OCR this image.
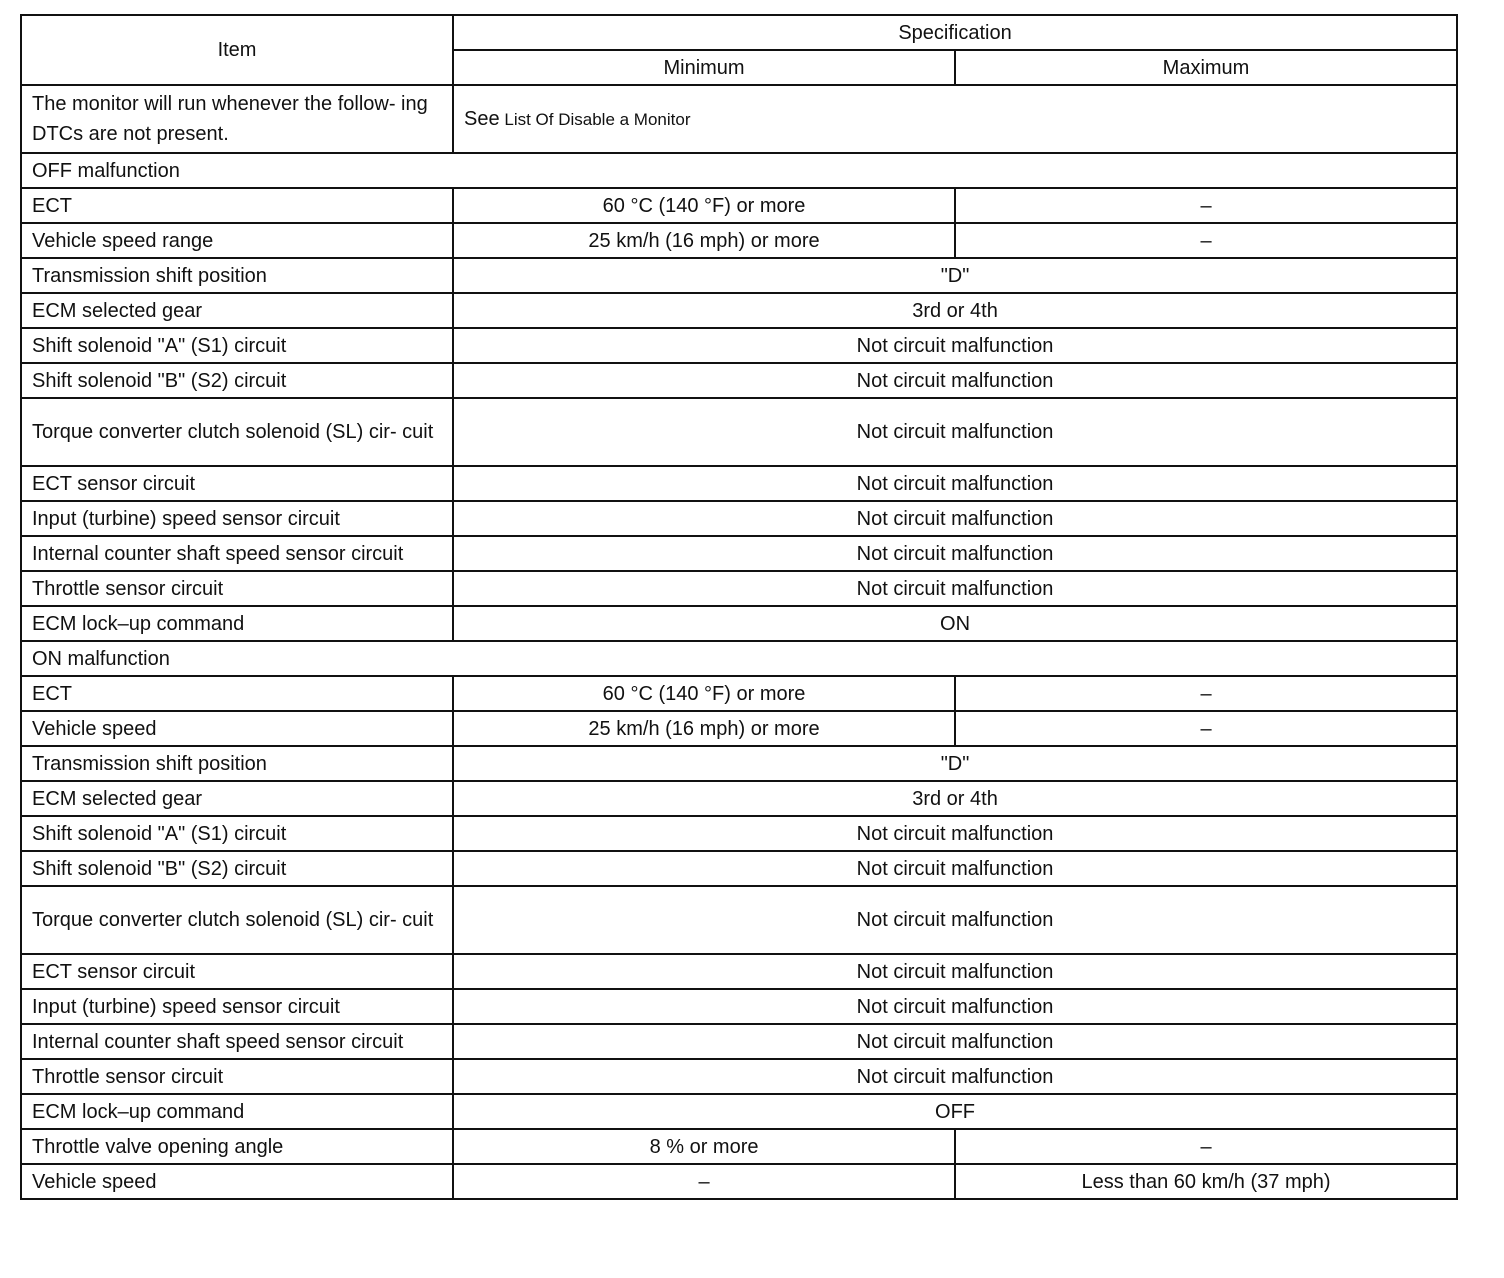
Item	Specification	
	Minimum	Maximum
The monitor will run whenever the follow- ing DTCs are not present.	See List Of Disable a Monitor	
OFF malfunction		
ECT	60 °C (140 °F) or more	–
Vehicle speed range	25 km/h (16 mph) or more	–
Transmission shift position	"D"	
ECM selected gear	3rd or 4th	
Shift solenoid "A" (S1) circuit	Not circuit malfunction	
Shift solenoid "B" (S2) circuit	Not circuit malfunction	
Torque converter clutch solenoid (SL) cir- cuit	Not circuit malfunction	
ECT sensor circuit	Not circuit malfunction	
Input (turbine) speed sensor circuit	Not circuit malfunction	
Internal counter shaft speed sensor circuit	Not circuit malfunction	
Throttle sensor circuit	Not circuit malfunction	
ECM lock–up command	ON	
ON malfunction		
ECT	60 °C (140 °F) or more	–
Vehicle speed	25 km/h (16 mph) or more	–
Transmission shift position	"D"	
ECM selected gear	3rd or 4th	
Shift solenoid "A" (S1) circuit	Not circuit malfunction	
Shift solenoid "B" (S2) circuit	Not circuit malfunction	
Torque converter clutch solenoid (SL) cir- cuit	Not circuit malfunction	
ECT sensor circuit	Not circuit malfunction	
Input (turbine) speed sensor circuit	Not circuit malfunction	
Internal counter shaft speed sensor circuit	Not circuit malfunction	
Throttle sensor circuit	Not circuit malfunction	
ECM lock–up command	OFF	
Throttle valve opening angle	8 % or more	–
Vehicle speed	–	Less than 60 km/h (37 mph)
